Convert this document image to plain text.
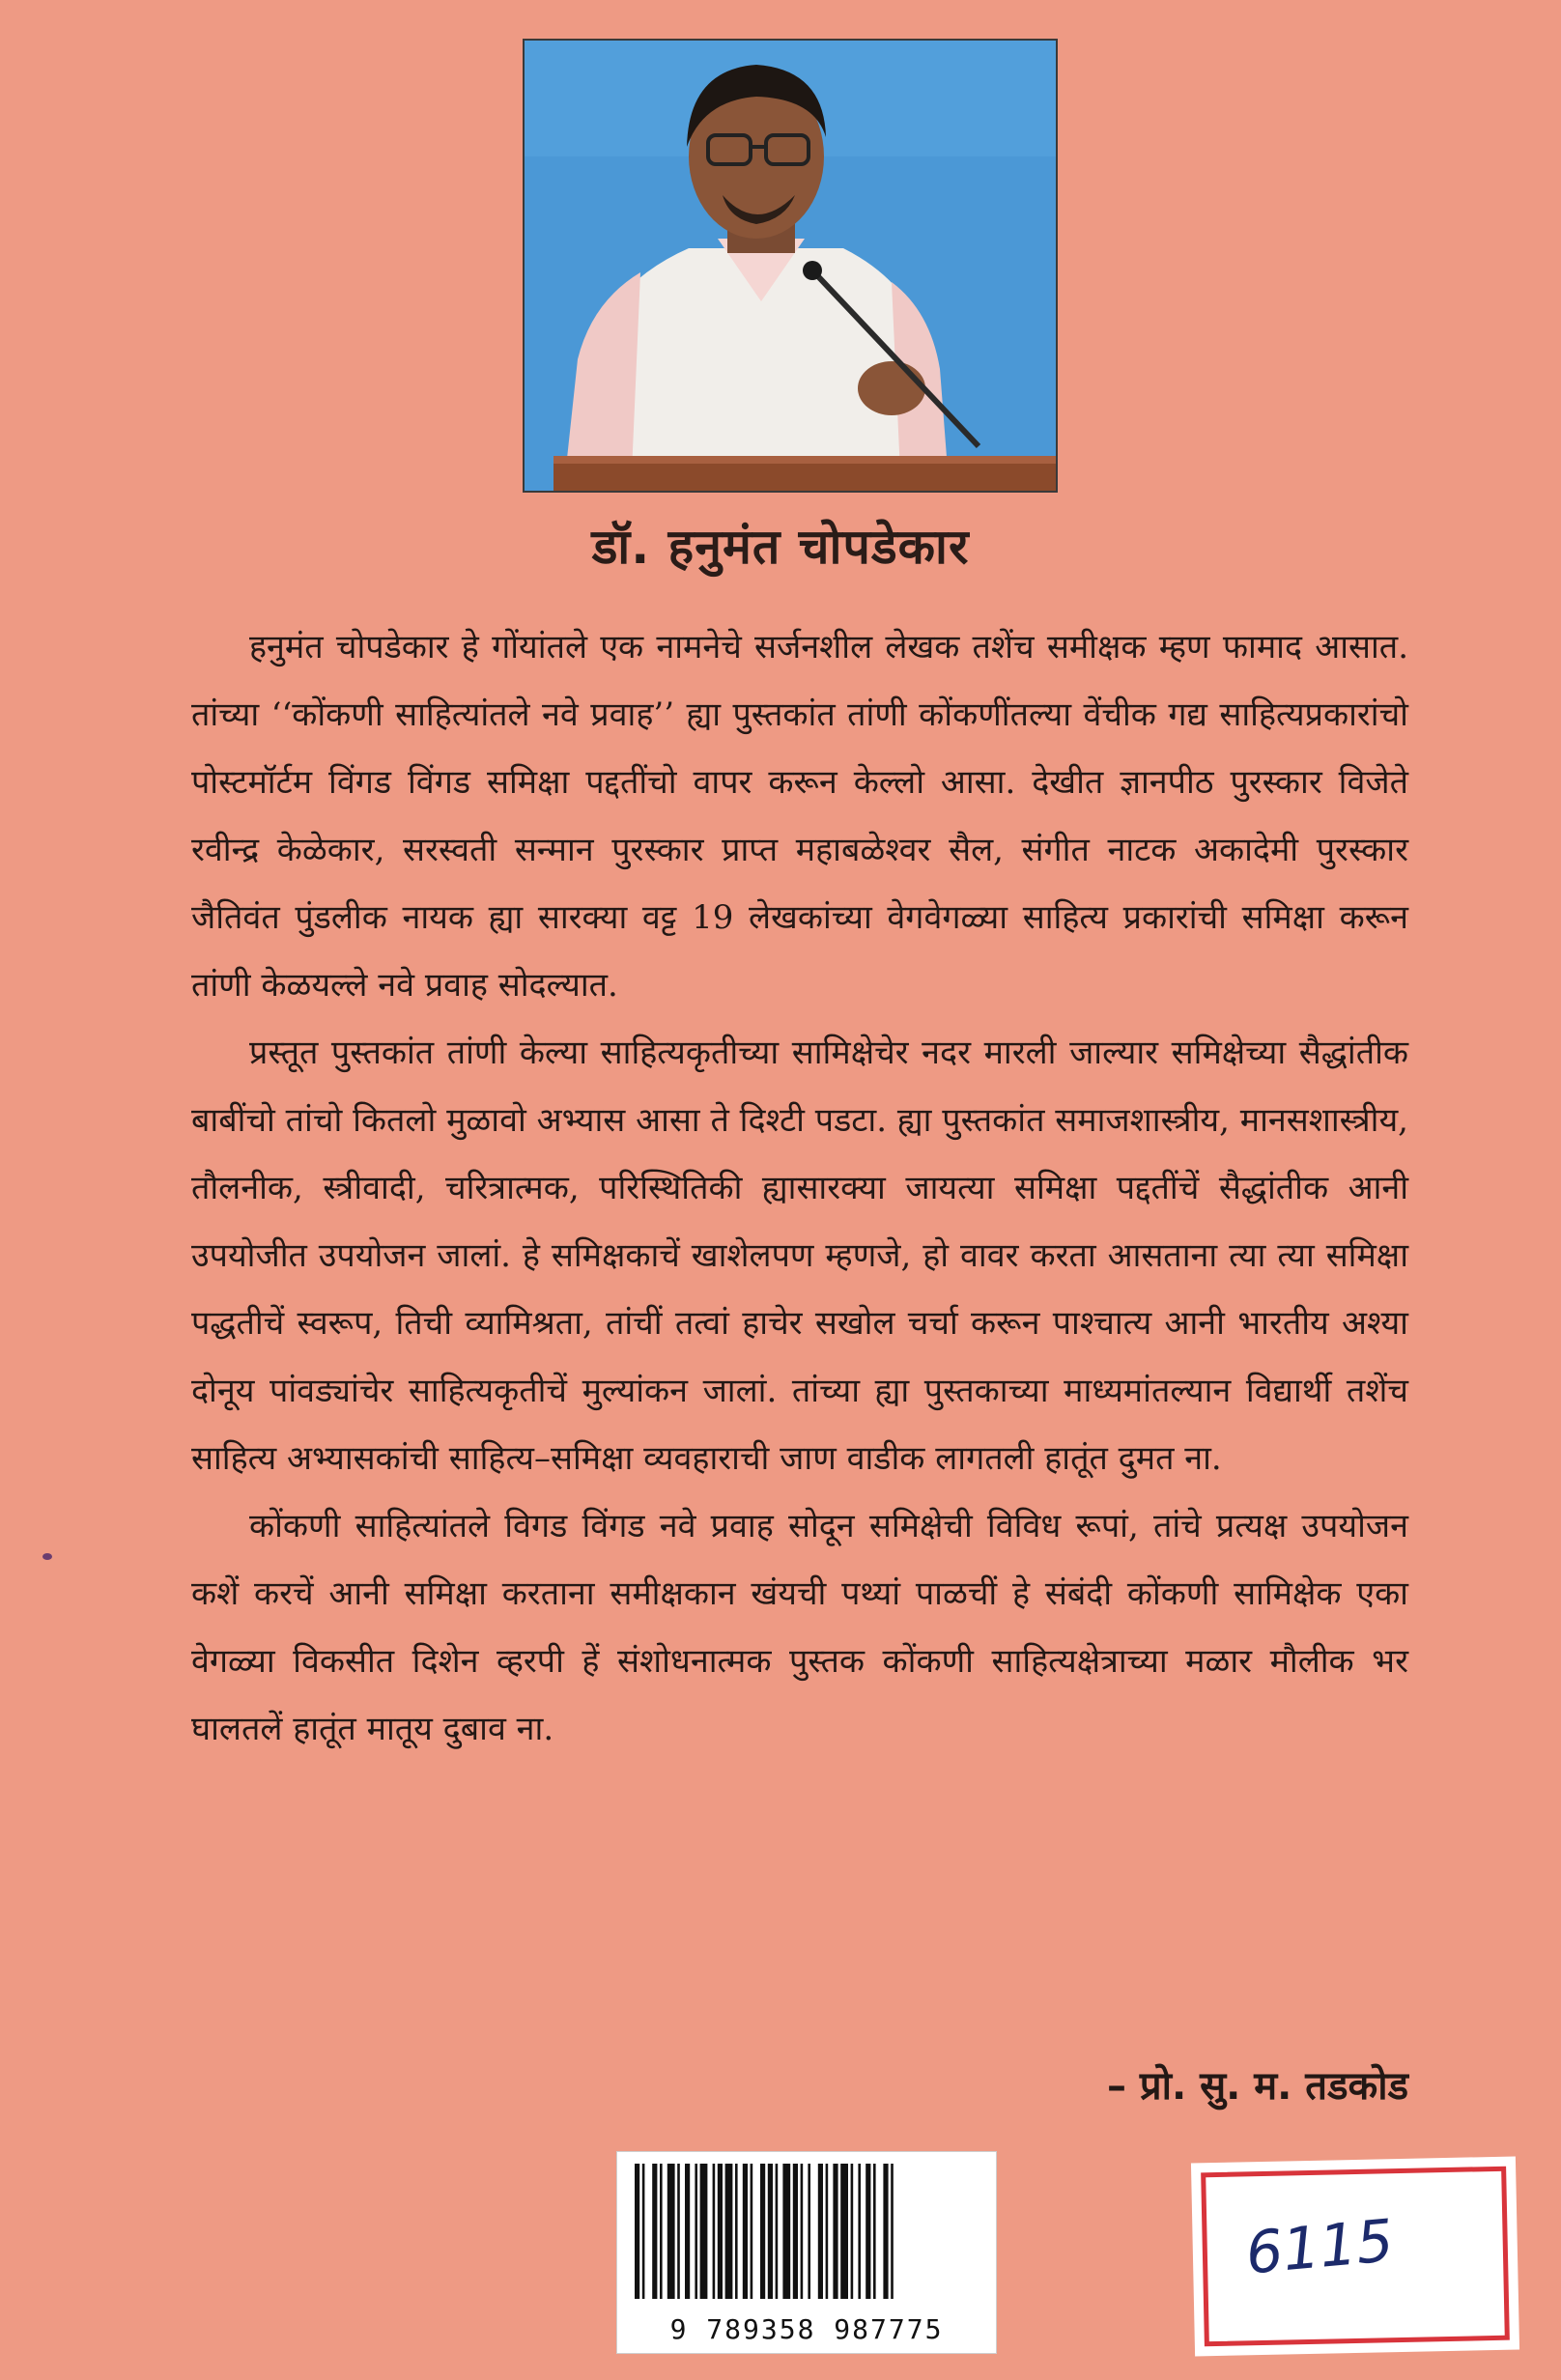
डॉ. हनुमंत चोपडेकार

हनुमंत चोपडेकार हे गोंयांतले एक नामनेचे सर्जनशील लेखक तशेंच समीक्षक म्हण फामाद आसात. तांच्या ‘‘कोंकणी साहित्यांतले नवे प्रवाह’’ ह्या पुस्तकांत तांणी कोंकणींतल्या वेंचीक गद्य साहित्यप्रकारांचो पोस्टमॉर्टम विंगड विंगड समिक्षा पद्दतींचो वापर करून केल्लो आसा. देखीत ज्ञानपीठ पुरस्कार विजेते रवीन्द्र केळेकार, सरस्वती सन्मान पुरस्कार प्राप्त महाबळेश्वर सैल, संगीत नाटक अकादेमी पुरस्कार जैतिवंत पुंडलीक नायक ह्या सारक्या वट्ट 19 लेखकांच्या वेगवेगळ्या साहित्य प्रकारांची समिक्षा करून तांणी केळयल्ले नवे प्रवाह सोदल्यात.

प्रस्तूत पुस्तकांत तांणी केल्या साहित्यकृतीच्या सामिक्षेचेर नदर मारली जाल्यार समिक्षेच्या सैद्धांतीक बाबींचो तांचो कितलो मुळावो अभ्यास आसा ते दिश्टी पडटा. ह्या पुस्तकांत समाजशास्त्रीय, मानसशास्त्रीय, तौलनीक, स्त्रीवादी, चरित्रात्मक, परिस्थितिकी ह्यासारक्या जायत्या समिक्षा पद्दतींचें सैद्धांतीक आनी उपयोजीत उपयोजन जालां. हे समिक्षकाचें खाशेलपण म्हणजे, हो वावर करता आसताना त्या त्या समिक्षा पद्धतीचें स्वरूप, तिची व्यामिश्रता, तांचीं तत्वां हाचेर सखोल चर्चा करून पाश्चात्य आनी भारतीय अश्या दोनूय पांवड्यांचेर साहित्यकृतीचें मुल्यांकन जालां. तांच्या ह्या पुस्तकाच्या माध्यमांतल्यान विद्यार्थी तशेंच साहित्य अभ्यासकांची साहित्य–समिक्षा व्यवहाराची जाण वाडीक लागतली हातूंत दुमत ना.

कोंकणी साहित्यांतले विगड विंगड नवे प्रवाह सोदून समिक्षेची विविध रूपां, तांचे प्रत्यक्ष उपयोजन कशें करचें आनी समिक्षा करताना समीक्षकान खंयची पथ्यां पाळचीं हे संबंदी कोंकणी सामिक्षेक एका वेगळ्या विकसीत दिशेन व्हरपी हें संशोधनात्मक पुस्तक कोंकणी साहित्यक्षेत्राच्या मळार मौलीक भर घालतलें हातूंत मातूय दुबाव ना.

– प्रो. सु. म. तडकोड
9 789358 987775
6115
